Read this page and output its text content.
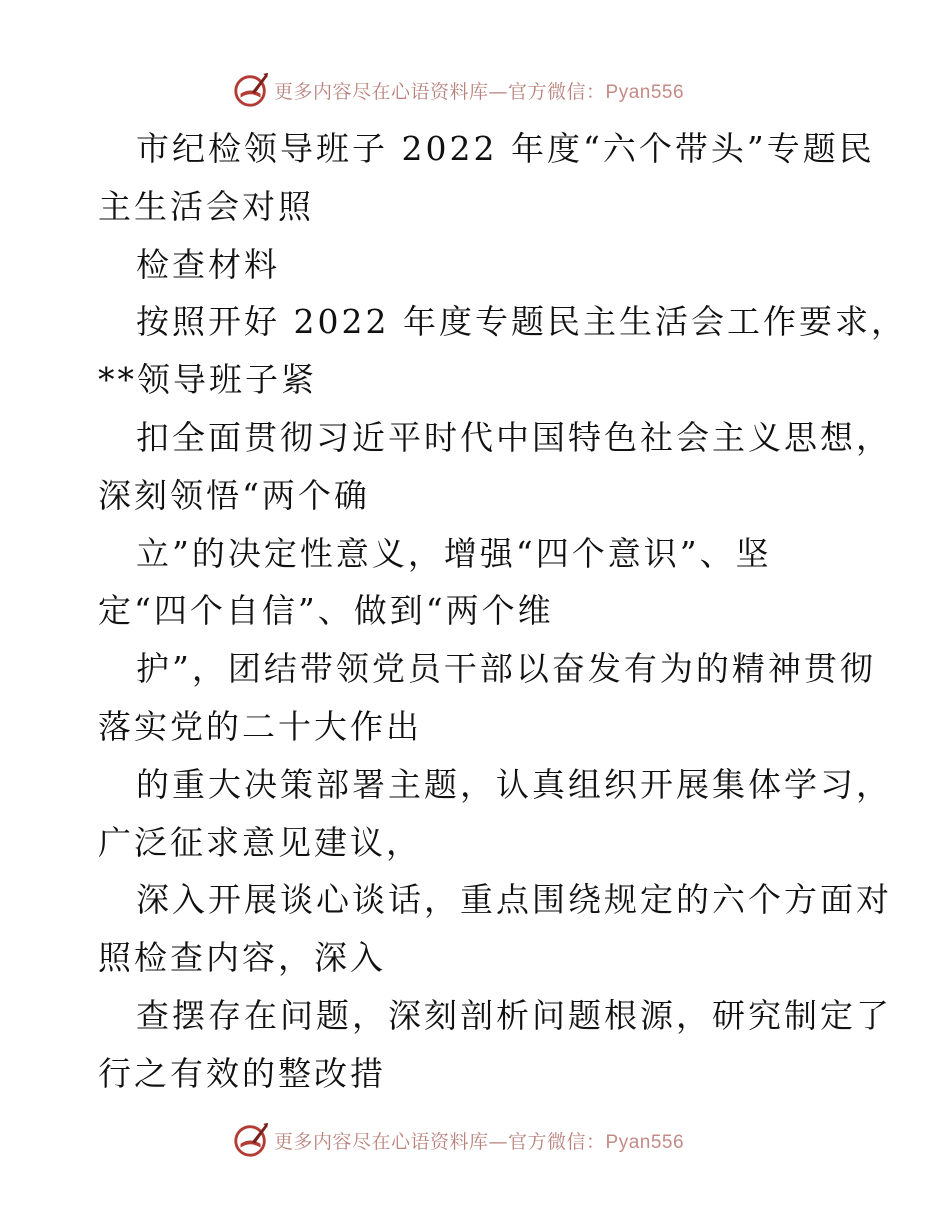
更多内容尽在心语资料库—官方微信：Pyan556
市纪检领导班子 2022 年度“六个带头”专题民
主生活会对照
检查材料
按照开好 2022 年度专题民主生活会工作要求，
**领导班子紧
扣全面贯彻习近平时代中国特色社会主义思想，
深刻领悟“两个确
立”的决定性意义，增强“四个意识”、坚
定“四个自信”、做到“两个维
护”，团结带领党员干部以奋发有为的精神贯彻
落实党的二十大作出
的重大决策部署主题，认真组织开展集体学习，
广泛征求意见建议，
深入开展谈心谈话，重点围绕规定的六个方面对
照检查内容，深入
查摆存在问题，深刻剖析问题根源，研究制定了
行之有效的整改措
更多内容尽在心语资料库—官方微信：Pyan556
